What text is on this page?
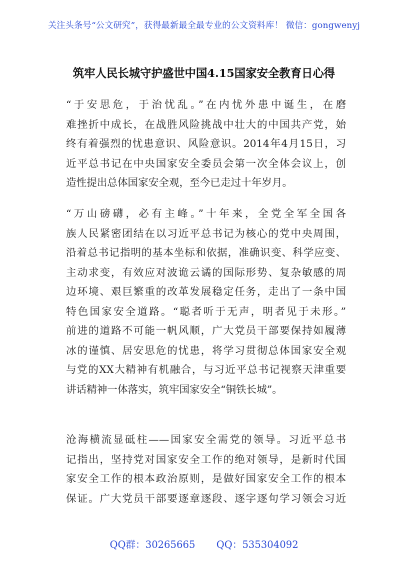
关注头条号“公文研究”，获得最新最全最专业的公文资料库！ 微信：gongwenyj
筑牢人民长城守护盛世中国4.15国家安全教育日心得
“于安思危，于治忧乱。”在内忧外患中诞生，在磨
难挫折中成长，在战胜风险挑战中壮大的中国共产党，始
终有着强烈的忧患意识、风险意识。2014年4月15日，习
近平总书记在中央国家安全委员会第一次全体会议上，创
造性提出总体国家安全观，至今已走过十年岁月。
“万山磅礴，必有主峰。”十年来，全党全军全国各
族人民紧密团结在以习近平总书记为核心的党中央周围，
沿着总书记指明的基本坐标和依据，准确识变、科学应变、
主动求变，有效应对波诡云谲的国际形势、复杂敏感的周
边环境、艰巨繁重的改革发展稳定任务，走出了一条中国
特色国家安全道路。“聪者听于无声，明者见于未形。”
前进的道路不可能一帆风顺，广大党员干部要保持如履薄
冰的谨慎、居安思危的忧患，将学习贯彻总体国家安全观
与党的XX大精神有机融合，与习近平总书记视察天津重要
讲话精神一体落实，筑牢国家安全“铜铁长城”。
沧海横流显砥柱——国家安全需党的领导。习近平总书
记指出，坚持党对国家安全工作的绝对领导，是新时代国
家安全工作的根本政治原则，是做好国家安全工作的根本
保证。广大党员干部要逐章逐段、逐字逐句学习领会习近
QQ群：30265665 QQ：535304092
